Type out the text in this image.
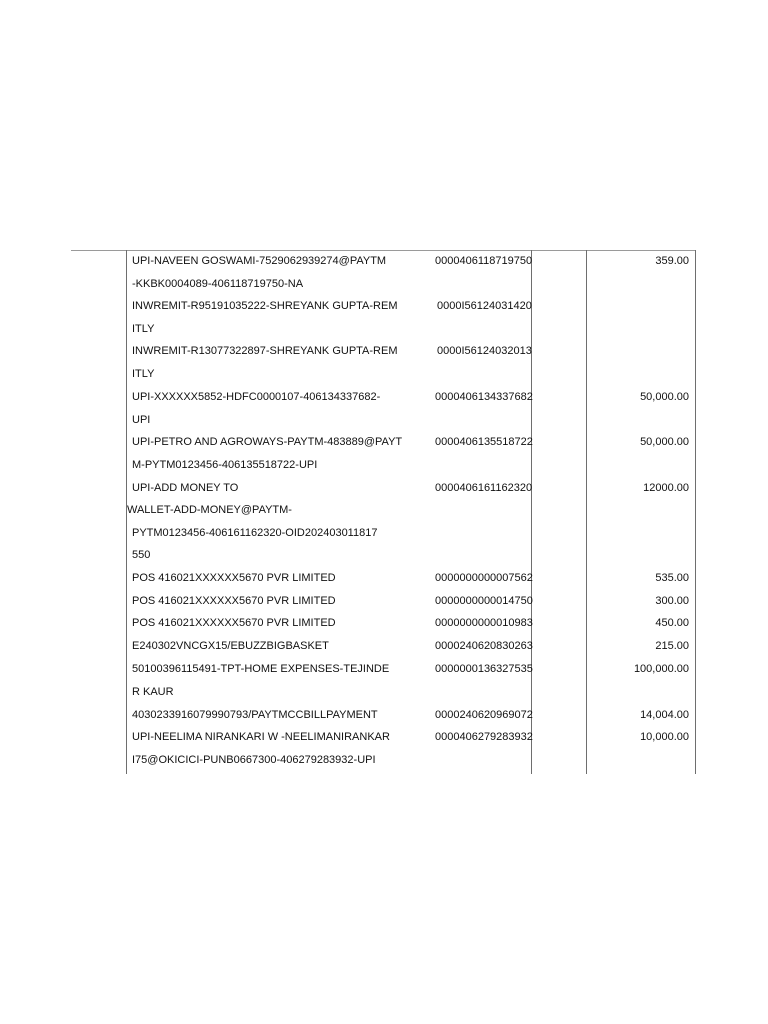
UPI-NAVEEN GOSWAMI-7529062939274@PAYTM	0000406118719750	359.00
-KKBK0004089-406118719750-NA
INWREMIT-R95191035222-SHREYANK GUPTA-REM	0000I56124031420
ITLY
INWREMIT-R13077322897-SHREYANK GUPTA-REM	0000I56124032013
ITLY
UPI-XXXXXX5852-HDFC0000107-406134337682-	0000406134337682	50,000.00
UPI
UPI-PETRO AND AGROWAYS-PAYTM-483889@PAYT	0000406135518722	50,000.00
M-PYTM0123456-406135518722-UPI
UPI-ADD MONEY TO	0000406161162320	12000.00
WALLET-ADD-MONEY@PAYTM-
PYTM0123456-406161162320-OID202403011817
550
POS 416021XXXXXX5670 PVR LIMITED	0000000000007562	535.00
POS 416021XXXXXX5670 PVR LIMITED	0000000000014750	300.00
POS 416021XXXXXX5670 PVR LIMITED	0000000000010983	450.00
E240302VNCGX15/EBUZZBIGBASKET	0000240620830263	215.00
50100396115491-TPT-HOME EXPENSES-TEJINDE	0000000136327535	100,000.00
R KAUR
4030233916079990793/PAYTMCCBILLPAYMENT	0000240620969072	14,004.00
UPI-NEELIMA NIRANKARI W -NEELIMANIRANKAR	0000406279283932	10,000.00
I75@OKICICI-PUNB0667300-406279283932-UPI
